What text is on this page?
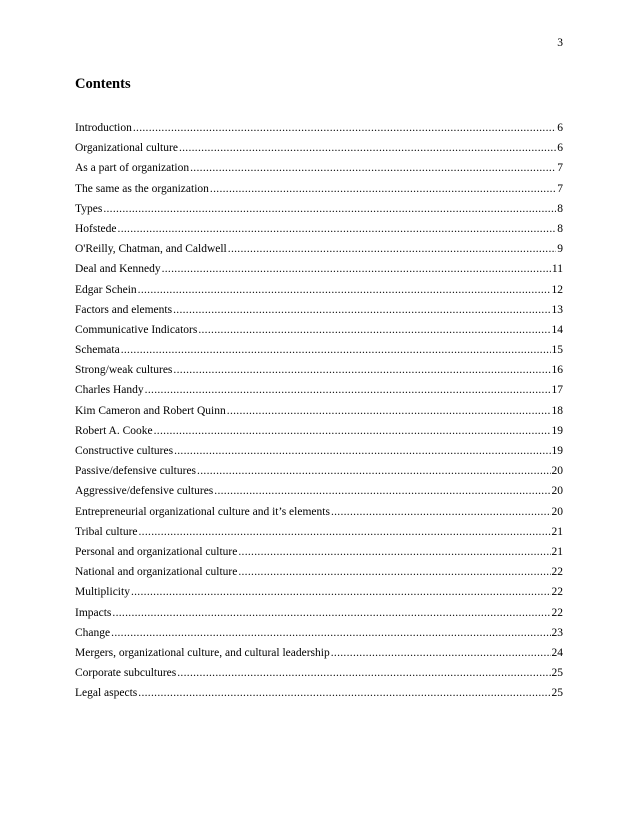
3
Contents
Introduction .....	6
Organizational culture .....	6
As a part of organization .....	7
The same as the organization .....	7
Types .....	8
Hofstede .....	8
O'Reilly, Chatman, and Caldwell .....	9
Deal and Kennedy .....	11
Edgar Schein .....	12
Factors and elements .....	13
Communicative Indicators .....	14
Schemata .....	15
Strong/weak cultures .....	16
Charles Handy .....	17
Kim Cameron and Robert Quinn .....	18
Robert A. Cooke .....	19
Constructive cultures .....	19
Passive/defensive cultures .....	20
Aggressive/defensive cultures .....	20
Entrepreneurial organizational culture and it’s elements .....	20
Tribal culture .....	21
Personal and organizational culture .....	21
National and organizational culture .....	22
Multiplicity .....	22
Impacts .....	22
Change .....	23
Mergers, organizational culture, and cultural leadership .....	24
Corporate subcultures .....	25
Legal aspects .....	25
